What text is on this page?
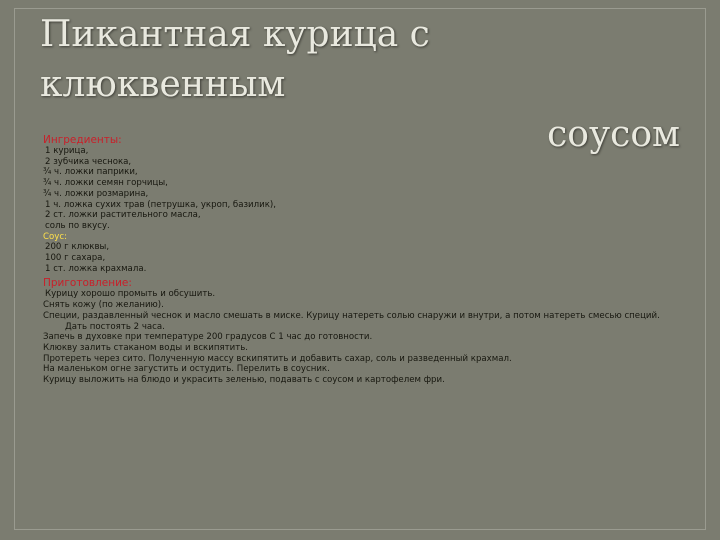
Пикантная курица с клюквенным
соусом
Ингредиенты:
1 курица,
2 зубчика чеснока,
¾ ч. ложки паприки,
¾ ч. ложки семян горчицы,
¾ ч. ложки розмарина,
1 ч. ложка сухих трав (петрушка, укроп, базилик),
2 ст. ложки растительного масла,
соль по вкусу.
Соус:
200 г клюквы,
100 г сахара,
1 ст. ложка крахмала.
Приготовление:
Курицу хорошо промыть и обсушить.
Снять кожу (по желанию).
Специи, раздавленный чеснок и масло смешать в миске. Курицу натереть солью снаружи и внутри, а потом натереть смесью специй. Дать постоять 2 часа.
Запечь в духовке при температуре 200 градусов С 1 час до готовности.
Клюкву залить стаканом воды и вскипятить.
Протереть через сито. Полученную массу вскипятить и добавить сахар, соль и разведенный крахмал.
На маленьком огне загустить и остудить. Перелить в соусник.
Курицу выложить на блюдо и украсить зеленью, подавать с соусом и картофелем фри.
